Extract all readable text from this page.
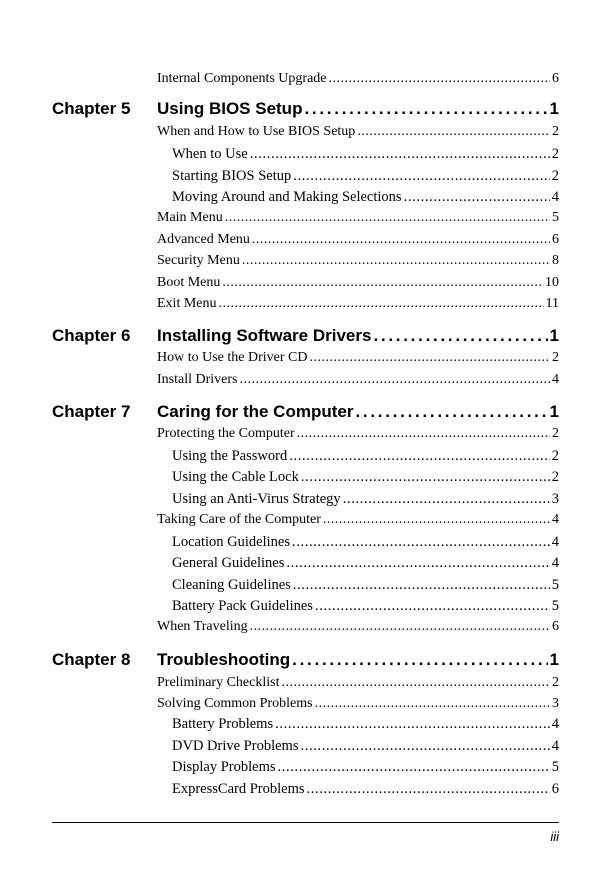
Internal Components Upgrade . . .	6
Chapter 5 Using BIOS Setup . . .	1
When and How to Use BIOS Setup . . .	2
When to Use . . .	2
Starting BIOS Setup . . .	2
Moving Around and Making Selections . . .	4
Main Menu . . .	5
Advanced Menu . . .	6
Security Menu . . .	8
Boot Menu . . .	10
Exit Menu . . .	11
Chapter 6 Installing Software Drivers . . .	1
How to Use the Driver CD . . .	2
Install Drivers . . .	4
Chapter 7 Caring for the Computer . . .	1
Protecting the Computer . . .	2
Using the Password . . .	2
Using the Cable Lock . . .	2
Using an Anti-Virus Strategy . . .	3
Taking Care of the Computer . . .	4
Location Guidelines . . .	4
General Guidelines . . .	4
Cleaning Guidelines . . .	5
Battery Pack Guidelines . . .	5
When Traveling . . .	6
Chapter 8 Troubleshooting . . .	1
Preliminary Checklist . . .	2
Solving Common Problems . . .	3
Battery Problems . . .	4
DVD Drive Problems . . .	4
Display Problems . . .	5
ExpressCard Problems . . .	6
iii
